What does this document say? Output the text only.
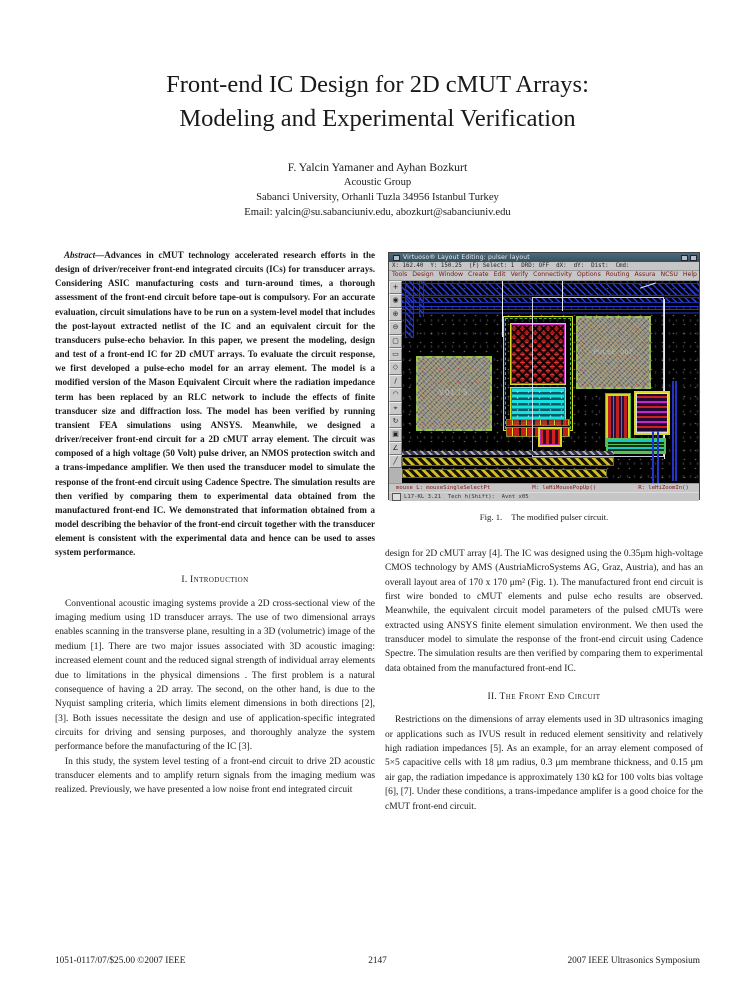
Front-end IC Design for 2D cMUT Arrays:
Modeling and Experimental Verification
F. Yalcin Yamaner and Ayhan Bozkurt
Acoustic Group
Sabanci University, Orhanli Tuzla 34956 Istanbul Turkey
Email: yalcin@su.sabanciuniv.edu, abozkurt@sabanciuniv.edu

Abstract—Advances in cMUT technology accelerated research efforts in the design of driver/receiver front-end integrated circuits (ICs) for transducer arrays. Considering ASIC manufacturing costs and turn-around times, a thorough assessment of the front-end circuit before tape-out is compulsory. For an accurate evaluation, circuit simulations have to be run on a system-level model that includes the post-layout extracted netlist of the IC and an equivalent circuit for the transducers pulse-echo behavior. In this paper, we present the modeling, design and test of a front-end IC for 2D cMUT arrays. To evaluate the circuit response, we first developed a pulse-echo model for an array element. The model is a modified version of the Mason Equivalent Circuit where the radiation impedance term has been replaced by an RLC network to include the effects of finite transducer size and diffraction loss. The model has been verified by running transient FEA simulations using ANSYS. Meanwhile, we designed a driver/receiver front-end circuit for a 2D cMUT array element. The circuit was composed of a high voltage (50 Volt) pulse driver, an NMOS protection switch and a trans-impedance amplifier. We then used the transducer model to simulate the response of the front-end circuit using Cadence Spectre. The simulation results are then verified by comparing them to experimental data obtained from the manufactured front-end IC. We demonstrated that information obtained from a model describing the behavior of the front-end circuit together with the transducer element is consistent with the experimental data and hence can be used to asses system performance.

I. Introduction

Conventional acoustic imaging systems provide a 2D cross-sectional view of the imaging medium using 1D transducer arrays. The use of two dimensional arrays enables scanning in the transverse plane, resulting in a 3D (volumetric) image of the medium [1]. There are two major issues associated with 3D acoustic imaging: increased element count and the reduced signal strength of individual array elements due to limitations in the physical dimensions . The first problem is a natural consequence of having a 2D array. The second, on the other hand, is due to the Nyquist sampling criteria, which limits element dimensions in both directions [2], [3]. Both issues necessitate the design and use of application-specific integrated circuits for driving and sensing purposes, and thoroughly analyze the system performance before the manufacturing of the IC [3].

In this study, the system level testing of a front-end circuit to drive 2D acoustic transducer elements and to amplify return signals from the imaging medium was realized. Previously, we have presented a low noise front end integrated circuit

Virtuoso® Layout Editing: pulser layout
X: 162.40 Y: 150.25 (F) Select: 1 DRD: OFF dX: dY: Dist: Cmd:
Tools Design Window Create Edit Verify Connectivity Options Routing Assura NCSU Help
+
◉
⊕
⊖
▢
▭
◇
/
◠
⌖
↻
▣
∠
╱
VOLTS
PULSE_OUT
mouse L: mouseSingleSelectPt	M: leHiMousePopUp()	R: leHiZoomIn()
L17-KL 3.21  Tech h(Shift):  Avnt x05
Fig. 1. The modified pulser circuit.

design for 2D cMUT array [4]. The IC was designed using the 0.35μm high-voltage CMOS technology by AMS (AustriaMicroSystems AG, Graz, Austria), and has an overall layout area of 170 x 170 μm² (Fig. 1). The manufactured front end circuit is first wire bonded to cMUT elements and pulse echo results are observed. Meanwhile, the equivalent circuit model parameters of the pulsed cMUTs were extracted using ANSYS finite element simulation environment. We then used the transducer model to simulate the response of the front-end circuit using Cadence Spectre. The simulation results are then verified by comparing them to experimental data obtained from the manufactured front-end IC.

II. The Front End Circuit

Restrictions on the dimensions of array elements used in 3D ultrasonics imaging or applications such as IVUS result in reduced element sensitivity and relatively high radiation impedances [5]. As an example, for an array element composed of 5×5 capacitive cells with 18 μm radius, 0.3 μm membrane thickness, and 0.15 μm air gap, the radiation impedance is approximately 130 kΩ for 100 volts bias voltage [6], [7]. Under these conditions, a trans-impedance amplifer is a good choice for the cMUT front-end circuit.

1051-0117/07/$25.00 ©2007 IEEE	2147	2007 IEEE Ultrasonics Symposium
